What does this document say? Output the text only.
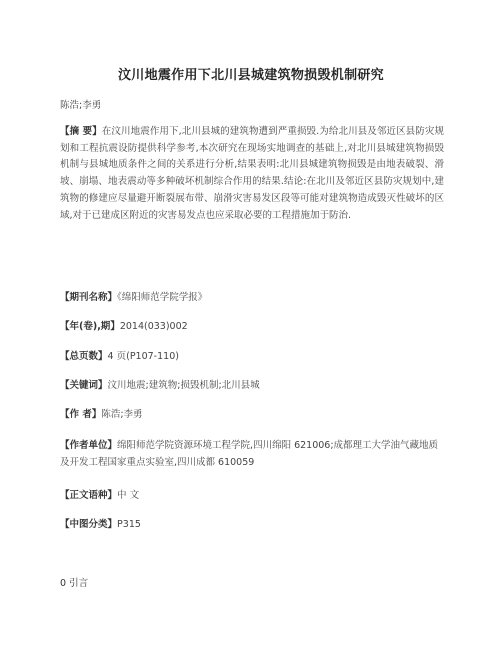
汶川地震作用下北川县城建筑物损毁机制研究
陈浩;李勇

【摘 要】在汶川地震作用下,北川县城的建筑物遭到严重损毁.为给北川县及邻近区县防灾规划和工程抗震设防提供科学参考,本次研究在现场实地调查的基础上,对北川县城建筑物损毁机制与县城地质条件之间的关系进行分析,结果表明:北川县城建筑物损毁是由地表破裂、滑坡、崩塌、地表震动等多种破坏机制综合作用的结果.结论:在北川及邻近区县防灾规划中,建筑物的修建应尽量避开断裂展布带、崩滑灾害易发区段等可能对建筑物造成毁灭性破坏的区域,对于已建成区附近的灾害易发点也应采取必要的工程措施加于防治.

【期刊名称】《绵阳师范学院学报》

【年(卷),期】2014(033)002

【总页数】4 页(P107-110)

【关键词】汶川地震;建筑物;损毁机制;北川县城

【作 者】陈浩;李勇

【作者单位】绵阳师范学院资源环境工程学院,四川绵阳 621006;成都理工大学油气藏地质及开发工程国家重点实验室,四川成都 610059

【正文语种】中 文

【中图分类】P315

0 引言
